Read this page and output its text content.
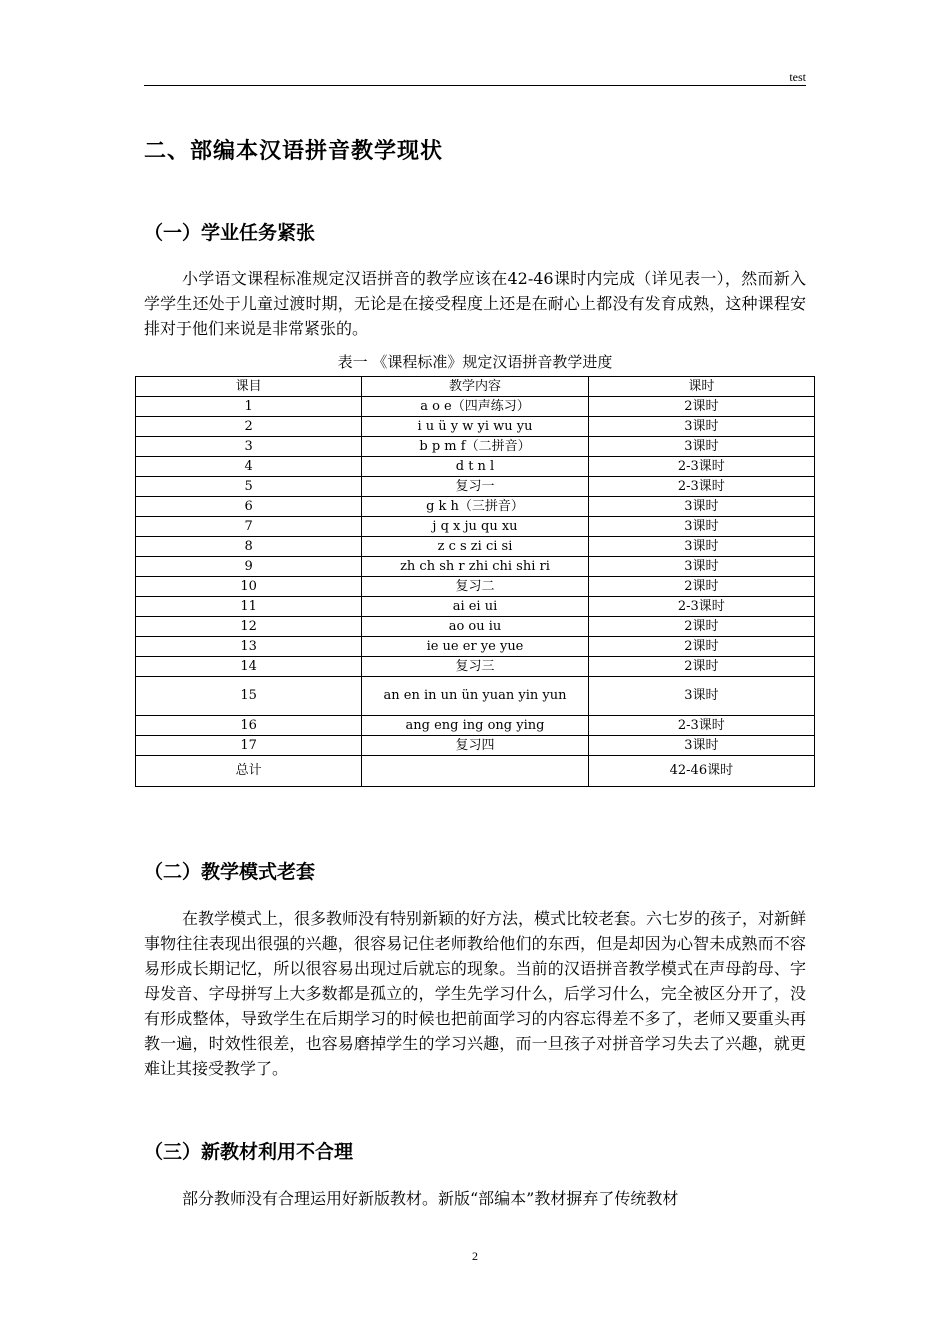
test
二、部编本汉语拼音教学现状
（一）学业任务紧张

小学语文课程标准规定汉语拼音的教学应该在42-46课时内完成（详见表一），然而新入学学生还处于儿童过渡时期，无论是在接受程度上还是在耐心上都没有发育成熟，这种课程安排对于他们来说是非常紧张的。

表一 《课程标准》规定汉语拼音教学进度
课目	教学内容	课时
1	a o e（四声练习）	2课时
2	i u ü y w yi wu yu	3课时
3	b p m f（二拼音）	3课时
4	d t n l	2-3课时
5	复习一	2-3课时
6	g k h（三拼音）	3课时
7	j q x ju qu xu	3课时
8	z c s zi ci si	3课时
9	zh ch sh r zhi chi shi ri	3课时
10	复习二	2课时
11	ai ei ui	2-3课时
12	ao ou iu	2课时
13	ie ue er ye yue	2课时
14	复习三	2课时
15	an en in un ün yuan yin yun	3课时
16	ang eng ing ong ying	2-3课时
17	复习四	3课时
总计		42-46课时
（二）教学模式老套

在教学模式上，很多教师没有特别新颖的好方法，模式比较老套。六七岁的孩子，对新鲜事物往往表现出很强的兴趣，很容易记住老师教给他们的东西，但是却因为心智未成熟而不容易形成长期记忆，所以很容易出现过后就忘的现象。当前的汉语拼音教学模式在声母韵母、字母发音、字母拼写上大多数都是孤立的，学生先学习什么，后学习什么，完全被区分开了，没有形成整体，导致学生在后期学习的时候也把前面学习的内容忘得差不多了，老师又要重头再教一遍，时效性很差，也容易磨掉学生的学习兴趣，而一旦孩子对拼音学习失去了兴趣，就更难让其接受教学了。

（三）新教材利用不合理

部分教师没有合理运用好新版教材。新版“部编本”教材摒弃了传统教材

2
